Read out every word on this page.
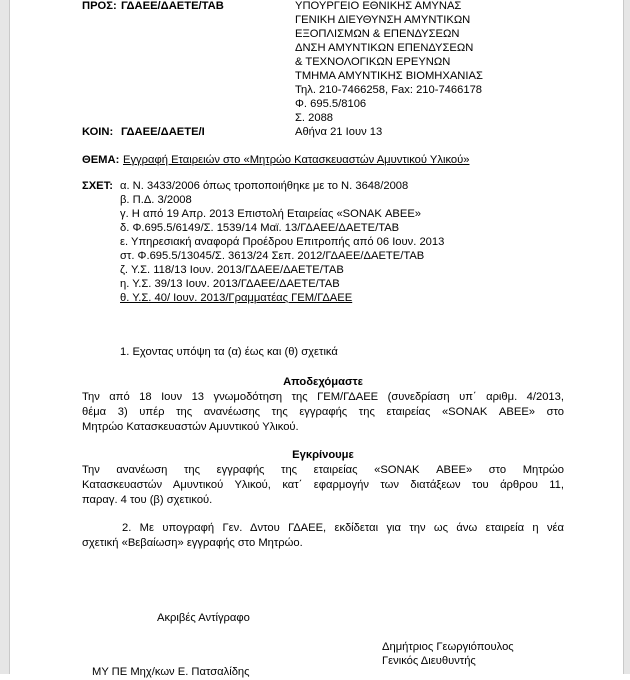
ΠΡΟΣ: ΓΔΑΕΕ/ΔΑΕΤΕ/ΤΑΒ	ΥΠΟΥΡΓΕΙΟ ΕΘΝΙΚΗΣ ΑΜΥΝΑΣ
ΓΕΝΙΚΗ ΔΙΕΥΘΥΝΣΗ ΑΜΥΝΤΙΚΩΝ
ΕΞΟΠΛΙΣΜΩΝ & ΕΠΕΝΔΥΣΕΩΝ
ΔΝΣΗ ΑΜΥΝΤΙΚΩΝ ΕΠΕΝΔΥΣΕΩΝ
& ΤΕΧΝΟΛΟΓΙΚΩΝ ΕΡΕΥΝΩΝ
ΤΜΗΜΑ ΑΜΥΝΤΙΚΗΣ ΒΙΟΜΗΧΑΝΙΑΣ
Τηλ. 210-7466258, Fax: 210-7466178
Φ. 695.5/8106
Σ. 2088
ΚΟΙΝ: ΓΔΑΕΕ/ΔΑΕΤΕ/Ι	Αθήνα 21 Ιουν 13
ΘΕΜΑ: Εγγραφή Εταιρειών στο «Μητρώο Κατασκευαστών Αμυντικού Υλικού»
ΣΧΕΤ: α. Ν. 3433/2006 όπως τροποποιήθηκε με το Ν. 3648/2008
β. Π.Δ. 3/2008
γ. Η από 19 Απρ. 2013 Επιστολή Εταιρείας «SONAK ΑΒΕΕ»
δ. Φ.695.5/6149/Σ. 1539/14 Μαϊ. 13/ΓΔΑΕΕ/ΔΑΕΤΕ/ΤΑΒ
ε. Υπηρεσιακή αναφορά Προέδρου Επιτροπής από 06 Ιουν. 2013
στ. Φ.695.5/13045/Σ. 3613/24 Σεπ. 2012/ΓΔΑΕΕ/ΔΑΕΤΕ/ΤΑΒ
ζ. Υ.Σ. 118/13 Ιουν. 2013/ΓΔΑΕΕ/ΔΑΕΤΕ/ΤΑΒ
η. Υ.Σ. 39/13 Ιουν. 2013/ΓΔΑΕΕ/ΔΑΕΤΕ/ΤΑΒ
θ. Υ.Σ. 40/ Ιουν. 2013/Γραμματέας ΓΕΜ/ΓΔΑΕΕ
1. Εχοντας υπόψη τα (α) έως και (θ) σχετικά
Αποδεχόμαστε
Την από 18 Ιουν 13 γνωμοδότηση της ΓΕΜ/ΓΔΑΕΕ (συνεδρίαση υπ΄ αριθμ. 4/2013,
θέμα 3) υπέρ της ανανέωσης της εγγραφής της εταιρείας «SONAK ΑΒΕΕ» στο
Μητρώο Κατασκευαστών Αμυντικού Υλικού.
Εγκρίνουμε
Την ανανέωση της εγγραφής της εταιρείας «SONAK ΑΒΕΕ» στο Μητρώο
Κατασκευαστών Αμυντικού Υλικού, κατ΄ εφαρμογήν των διατάξεων του άρθρου 11,
παραγ. 4 του (β) σχετικού.
2. Με υπογραφή Γεν. Δντου ΓΔΑΕΕ, εκδίδεται για την ως άνω εταιρεία η νέα
σχετική «Βεβαίωση» εγγραφής στο Μητρώο.
Ακριβές Αντίγραφο
Δημήτριος Γεωργιόπουλος
Γενικός Διευθυντής
ΜΥ ΠΕ Μηχ/κων Ε. Πατσαλίδης
